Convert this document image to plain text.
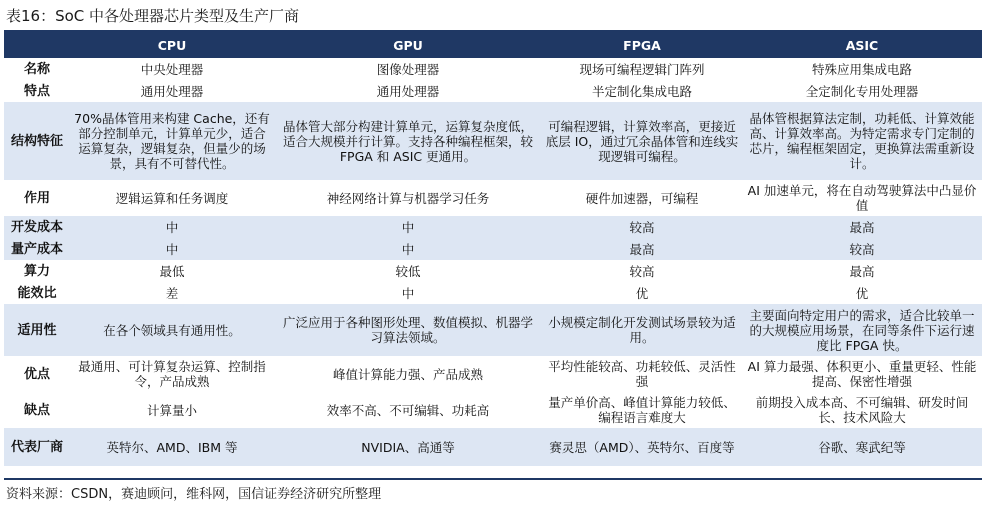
表16：SoC 中各处理器芯片类型及生产厂商
	CPU	GPU	FPGA	ASIC
名称	中央处理器	图像处理器	现场可编程逻辑门阵列	特殊应用集成电路
特点	通用处理器	通用处理器	半定制化集成电路	全定制化专用处理器
结构特征	70%晶体管用来构建 Cache，还有部分控制单元，计算单元少，适合运算复杂，逻辑复杂，但量少的场景，具有不可替代性。	晶体管大部分构建计算单元，运算复杂度低，适合大规模并行计算。支持各种编程框架，较 FPGA 和 ASIC 更通用。	可编程逻辑，计算效率高，更接近底层 IO，通过冗余晶体管和连线实现逻辑可编程。	晶体管根据算法定制，功耗低、计算效能高、计算效率高。为特定需求专门定制的芯片，编程框架固定，更换算法需重新设计。
作用	逻辑运算和任务调度	神经网络计算与机器学习任务	硬件加速器，可编程	AI 加速单元，将在自动驾驶算法中凸显价值
开发成本	中	中	较高	最高
量产成本	中	中	最高	较高
算力	最低	较低	较高	最高
能效比	差	中	优	优
适用性	在各个领域具有通用性。	广泛应用于各种图形处理、数值模拟、机器学习算法领域。	小规模定制化开发测试场景较为适用。	主要面向特定用户的需求，适合比较单一的大规模应用场景，在同等条件下运行速度比 FPGA 快。
优点	最通用、可计算复杂运算、控制指令，产品成熟	峰值计算能力强、产品成熟	平均性能较高、功耗较低、灵活性强	AI 算力最强、体积更小、重量更轻、性能提高、保密性增强
缺点	计算量小	效率不高、不可编辑、功耗高	量产单价高、峰值计算能力较低、编程语言难度大	前期投入成本高、不可编辑、研发时间长、技术风险大
代表厂商	英特尔、AMD、IBM 等	NVIDIA、高通等	赛灵思（AMD）、英特尔、百度等	谷歌、寒武纪等
资料来源：CSDN，赛迪顾问，维科网，国信证券经济研究所整理
